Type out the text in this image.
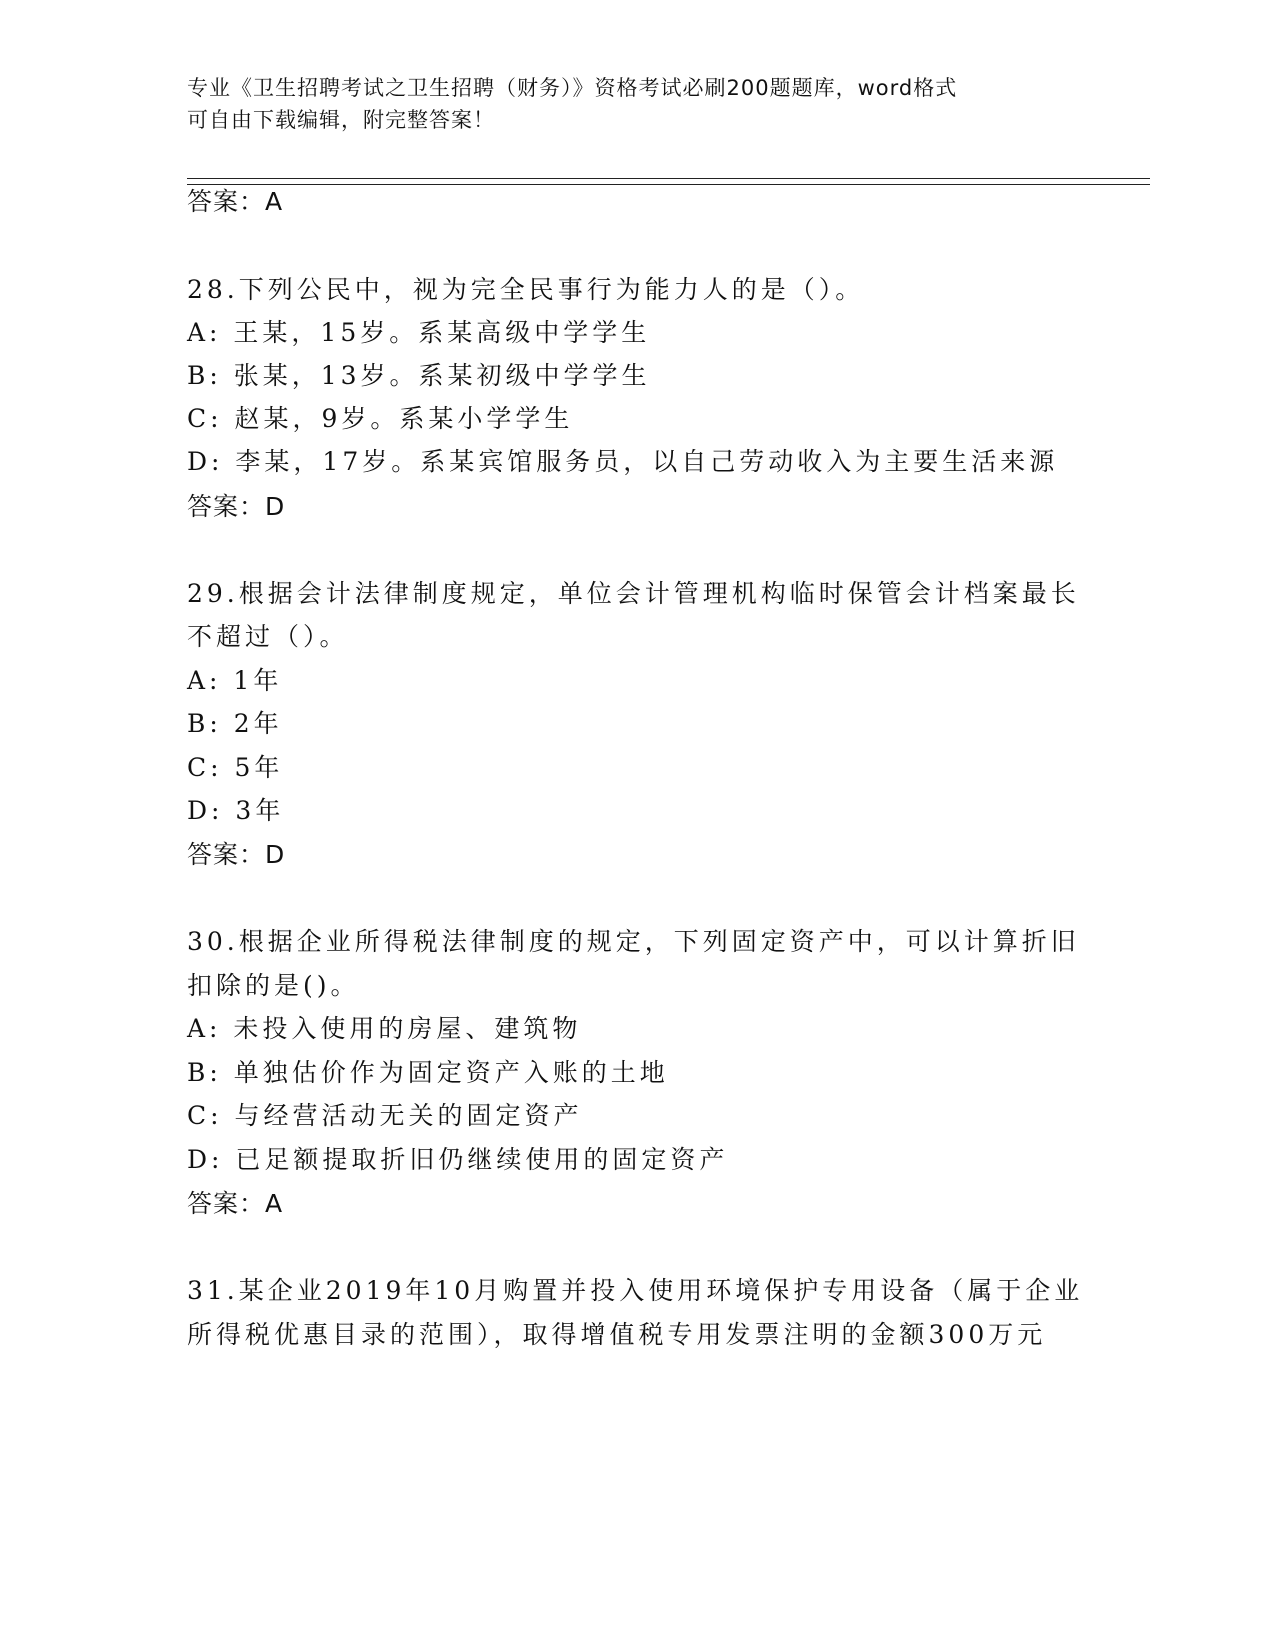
专业《卫生招聘考试之卫生招聘（财务）》资格考试必刷200题题库，word格式
可自由下载编辑，附完整答案！
答案：A
28.下列公民中，视为完全民事行为能力人的是（）。
A: 王某，15岁。系某高级中学学生
B: 张某，13岁。系某初级中学学生
C: 赵某，9岁。系某小学学生
D: 李某，17岁。系某宾馆服务员，以自己劳动收入为主要生活来源
答案：D
29.根据会计法律制度规定，单位会计管理机构临时保管会计档案最长
不超过（）。
A: 1年
B: 2年
C: 5年
D: 3年
答案：D
30.根据企业所得税法律制度的规定，下列固定资产中，可以计算折旧
扣除的是()。
A: 未投入使用的房屋、建筑物
B: 单独估价作为固定资产入账的土地
C: 与经营活动无关的固定资产
D: 已足额提取折旧仍继续使用的固定资产
答案：A
31.某企业2019年10月购置并投入使用环境保护专用设备（属于企业
所得税优惠目录的范围），取得增值税专用发票注明的金额300万元
